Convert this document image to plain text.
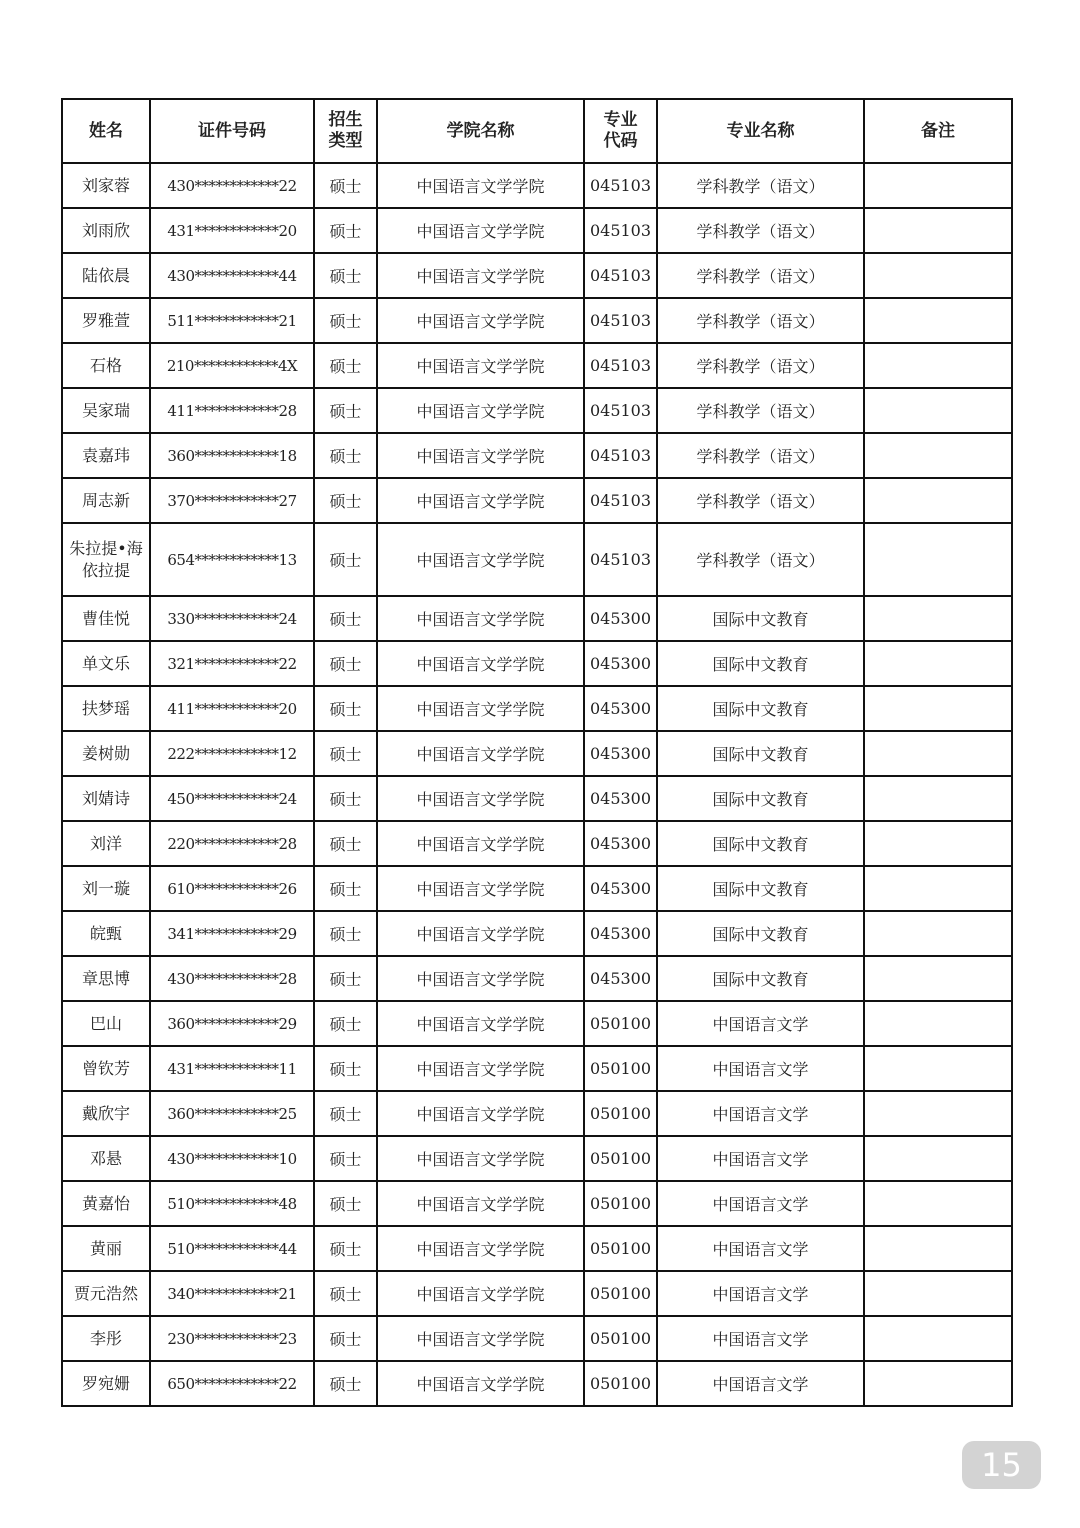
姓名	证件号码	招生类型	学院名称	专业代码	专业名称	备注
刘家蓉	430************22	硕士	中国语言文学学院	045103	学科教学（语文）	
刘雨欣	431************20	硕士	中国语言文学学院	045103	学科教学（语文）	
陆依晨	430************44	硕士	中国语言文学学院	045103	学科教学（语文）	
罗雅萱	511************21	硕士	中国语言文学学院	045103	学科教学（语文）	
石格	210************4X	硕士	中国语言文学学院	045103	学科教学（语文）	
吴家瑞	411************28	硕士	中国语言文学学院	045103	学科教学（语文）	
袁嘉玮	360************18	硕士	中国语言文学学院	045103	学科教学（语文）	
周志新	370************27	硕士	中国语言文学学院	045103	学科教学（语文）	
朱拉提•海依拉提	654************13	硕士	中国语言文学学院	045103	学科教学（语文）	
曹佳悦	330************24	硕士	中国语言文学学院	045300	国际中文教育	
单文乐	321************22	硕士	中国语言文学学院	045300	国际中文教育	
扶梦瑶	411************20	硕士	中国语言文学学院	045300	国际中文教育	
姜树勋	222************12	硕士	中国语言文学学院	045300	国际中文教育	
刘婧诗	450************24	硕士	中国语言文学学院	045300	国际中文教育	
刘洋	220************28	硕士	中国语言文学学院	045300	国际中文教育	
刘一璇	610************26	硕士	中国语言文学学院	045300	国际中文教育	
皖甄	341************29	硕士	中国语言文学学院	045300	国际中文教育	
章思博	430************28	硕士	中国语言文学学院	045300	国际中文教育	
巴山	360************29	硕士	中国语言文学学院	050100	中国语言文学	
曾钦芳	431************11	硕士	中国语言文学学院	050100	中国语言文学	
戴欣宇	360************25	硕士	中国语言文学学院	050100	中国语言文学	
邓悬	430************10	硕士	中国语言文学学院	050100	中国语言文学	
黄嘉怡	510************48	硕士	中国语言文学学院	050100	中国语言文学	
黄丽	510************44	硕士	中国语言文学学院	050100	中国语言文学	
贾元浩然	340************21	硕士	中国语言文学学院	050100	中国语言文学	
李彤	230************23	硕士	中国语言文学学院	050100	中国语言文学	
罗宛姗	650************22	硕士	中国语言文学学院	050100	中国语言文学	
15
